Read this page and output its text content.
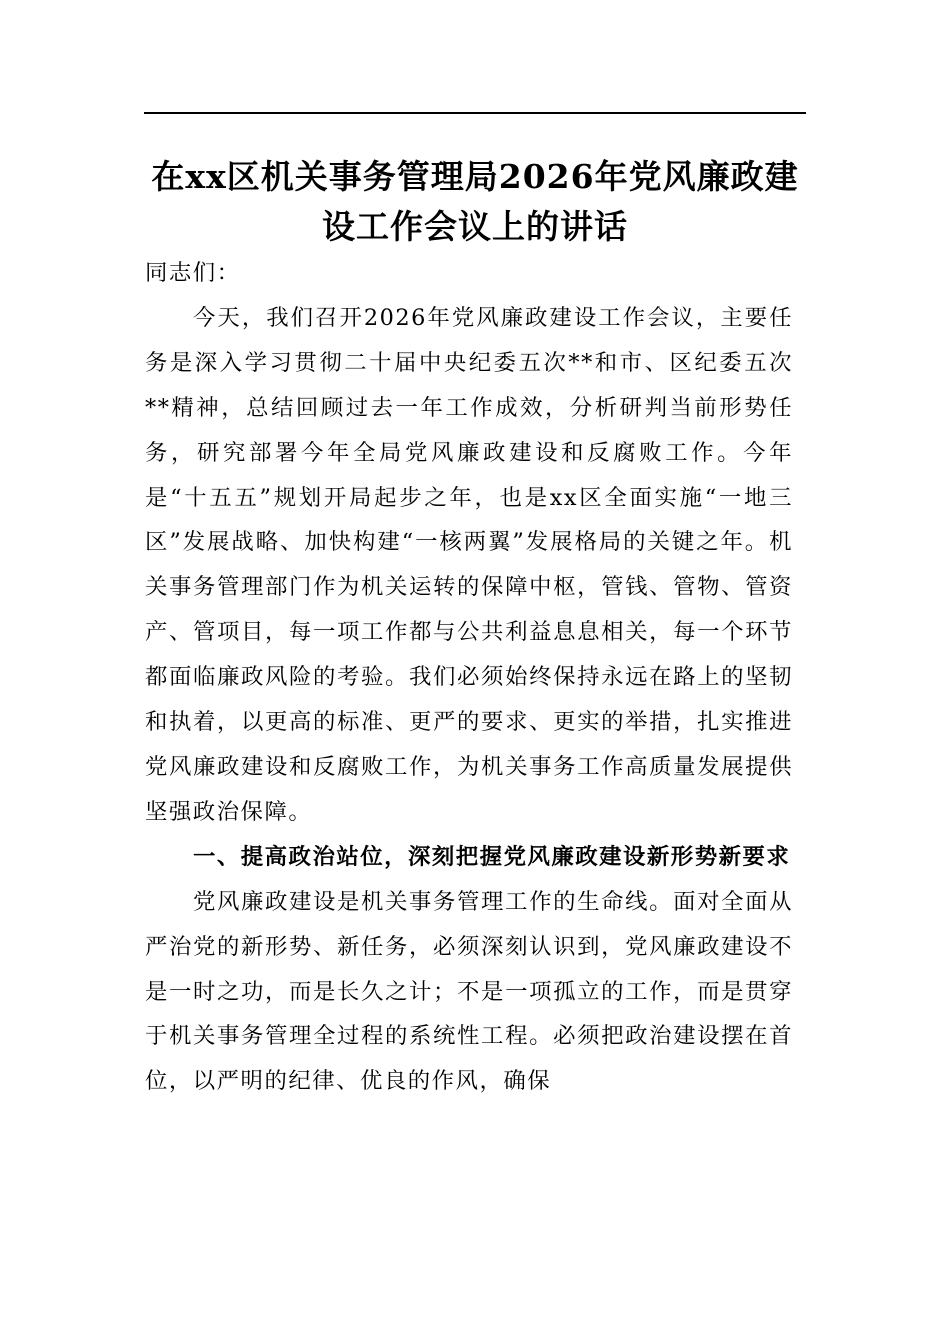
在xx区机关事务管理局2026年党风廉政建设工作会议上的讲话

同志们：

今天，我们召开2026年党风廉政建设工作会议，主要任务是深入学习贯彻二十届中央纪委五次**和市、区纪委五次**精神，总结回顾过去一年工作成效，分析研判当前形势任务，研究部署今年全局党风廉政建设和反腐败工作。今年是“十五五”规划开局起步之年，也是xx区全面实施“一地三区”发展战略、加快构建“一核两翼”发展格局的关键之年。机关事务管理部门作为机关运转的保障中枢，管钱、管物、管资产、管项目，每一项工作都与公共利益息息相关，每一个环节都面临廉政风险的考验。我们必须始终保持永远在路上的坚韧和执着，以更高的标准、更严的要求、更实的举措，扎实推进党风廉政建设和反腐败工作，为机关事务工作高质量发展提供坚强政治保障。

一、提高政治站位，深刻把握党风廉政建设新形势新要求

党风廉政建设是机关事务管理工作的生命线。面对全面从严治党的新形势、新任务，必须深刻认识到，党风廉政建设不是一时之功，而是长久之计；不是一项孤立的工作，而是贯穿于机关事务管理全过程的系统性工程。必须把政治建设摆在首位，以严明的纪律、优良的作风，确保
